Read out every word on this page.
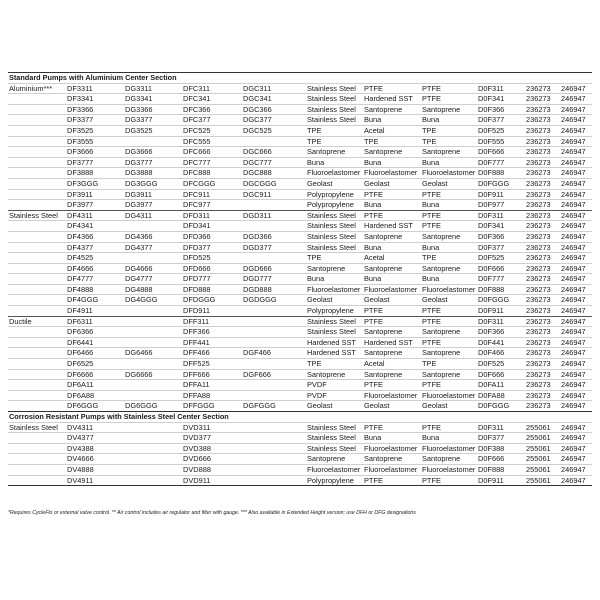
Standard Pumps with Aluminium Center Section										
Aluminium***	DF3311	DG3311	DFC311	DGC311	Stainless Steel	PTFE	PTFE	D0F311	236273	246947
	DF3341	DG3341	DFC341	DGC341	Stainless Steel	Hardened SST	PTFE	D0F341	236273	246947
	DF3366	DG3366	DFC366	DGC366	Stainless Steel	Santoprene	Santoprene	D0F366	236273	246947
	DF3377	DG3377	DFC377	DGC377	Stainless Steel	Buna	Buna	D0F377	236273	246947
	DF3525	DG3525	DFC525	DGC525	TPE	Acetal	TPE	D0F525	236273	246947
	DF3555		DFC555		TPE	TPE	TPE	D0F555	236273	246947
	DF3666	DG3666	DFC666	DGC666	Santoprene	Santoprene	Santoprene	D0F666	236273	246947
	DF3777	DG3777	DFC777	DGC777	Buna	Buna	Buna	D0F777	236273	246947
	DF3888	DG3888	DFC888	DGC888	Fluoroelastomer	Fluoroelastomer	Fluoroelastomer	D0F888	236273	246947
	DF3GGG	DG3GGG	DFCGGG	DGCGGG	Geolast	Geolast	Geolast	D0FGGG	236273	246947
	DF3911	DG3911	DFC911	DGC911	Polypropylene	PTFE	PTFE	D0F911	236273	246947
	DF3977	DG3977	DFC977		Polypropylene	Buna	Buna	D0F977	236273	246947
Stainless Steel	DF4311	DG4311	DFD311	DGD311	Stainless Steel	PTFE	PTFE	D0F311	236273	246947
	DF4341		DFD341		Stainless Steel	Hardened SST	PTFE	D0F341	236273	246947
	DF4366	DG4366	DFD366	DGD366	Stainless Steel	Santoprene	Santoprene	D0F366	236273	246947
	DF4377	DG4377	DFD377	DGD377	Stainless Steel	Buna	Buna	D0F377	236273	246947
	DF4525		DFD525		TPE	Acetal	TPE	D0F525	236273	246947
	DF4666	DG4666	DFD666	DGD666	Santoprene	Santoprene	Santoprene	D0F666	236273	246947
	DF4777	DG4777	DFD777	DGD777	Buna	Buna	Buna	D0F777	236273	246947
	DF4888	DG4888	DFD888	DGD888	Fluoroelastomer	Fluoroelastomer	Fluoroelastomer	D0F888	236273	246947
	DF4GGG	DG4GGG	DFDGGG	DGDGGG	Geolast	Geolast	Geolast	D0FGGG	236273	246947
	DF4911		DFD911		Polypropylene	PTFE	PTFE	D0F911	236273	246947
Ductile	DF6311		DFF311		Stainless Steel	PTFE	PTFE	D0F311	236273	246947
	DF6366		DFF366		Stainless Steel	Santoprene	Santoprene	D0F366	236273	246947
	DF6441		DFF441		Hardened SST	Hardened SST	PTFE	D0F441	236273	246947
	DF6466	DG6466	DFF466	DGF466	Hardened SST	Santoprene	Santoprene	D0F466	236273	246947
	DF6525		DFF525		TPE	Acetal	TPE	D0F525	236273	246947
	DF6666	DG6666	DFF666	DGF666	Santoprene	Santoprene	Santoprene	D0F666	236273	246947
	DF6A11		DFFA11		PVDF	PTFE	PTFE	D0FA11	236273	246947
	DF6A88		DFFA88		PVDF	Fluoroelastomer	Fluoroelastomer	D0FA88	236273	246947
	DF6GGG	DG6GGG	DFFGGG	DGFGGG	Geolast	Geolast	Geolast	D0FGGG	236273	246947
Corrosion Resistant Pumps with Stainless Steel Center Section										
Stainless Steel	DV4311		DVD311		Stainless Steel	PTFE	PTFE	D0F311	255061	246947
	DV4377		DVD377		Stainless Steel	Buna	Buna	D0F377	255061	246947
	DV4388		DVD388		Stainless Steel	Fluoroelastomer	Fluoroelastomer	D0F388	255061	246947
	DV4666		DVD666		Santoprene	Santoprene	Santoprene	D0F666	255061	246947
	DV4888		DVD888		Fluoroelastomer	Fluoroelastomer	Fluoroelastomer	D0F888	255061	246947
	DV4911		DVD911		Polypropylene	PTFE	PTFE	D0F911	255061	246947
*Requires CycleFlo or external valve control. ** Air control includes air regulator and filter with gauge. *** Also available in Extended Height version; use DFH or DFG designations
